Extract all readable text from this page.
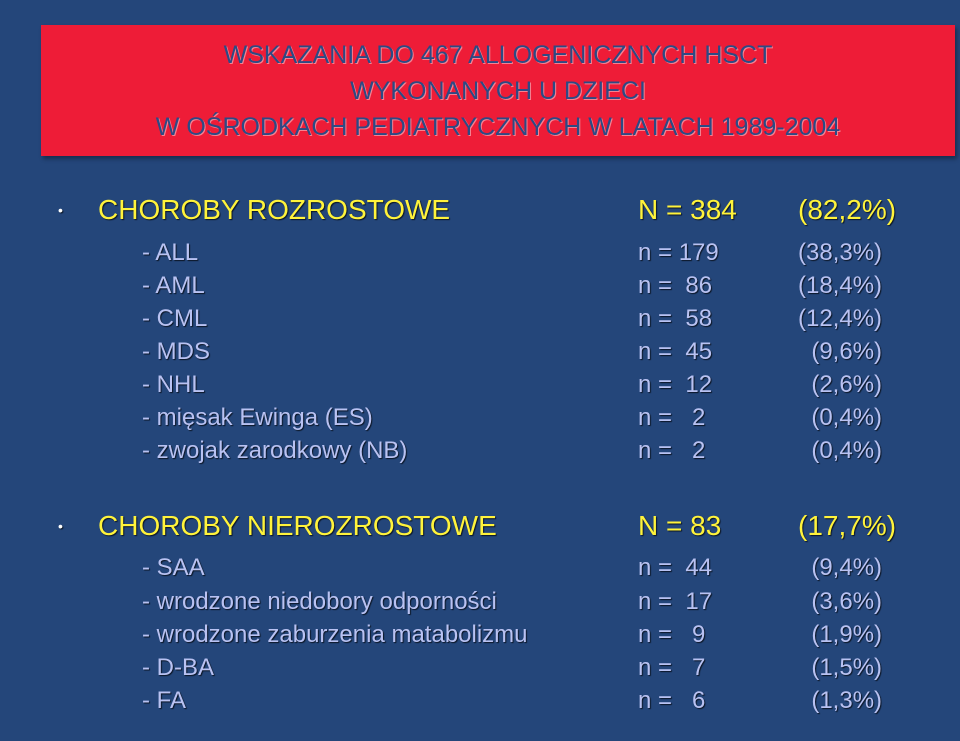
WSKAZANIA DO 467 ALLOGENICZNYCH HSCT
WYKONANYCH U DZIECI
W OŚRODKACH PEDIATRYCZNYCH W LATACH 1989-2004
• CHOROBY ROZROSTOWE	N = 384 (82,2%)
- ALL	n = 179	(38,3%)
- AML	n =  86	(18,4%)
- CML	n =  58	(12,4%)
- MDS	n =  45	(9,6%)
- NHL	n =  12	(2,6%)
- mięsak Ewinga (ES)	n =   2	(0,4%)
- zwojak zarodkowy (NB)	n =   2	(0,4%)
• CHOROBY NIEROZROSTOWE	N = 83	(17,7%)
- SAA	n =  44	(9,4%)
- wrodzone niedobory odporności	n =  17	(3,6%)
- wrodzone zaburzenia matabolizmu	n =   9	(1,9%)
- D-BA	n =   7	(1,5%)
- FA	n =   6	(1,3%)
